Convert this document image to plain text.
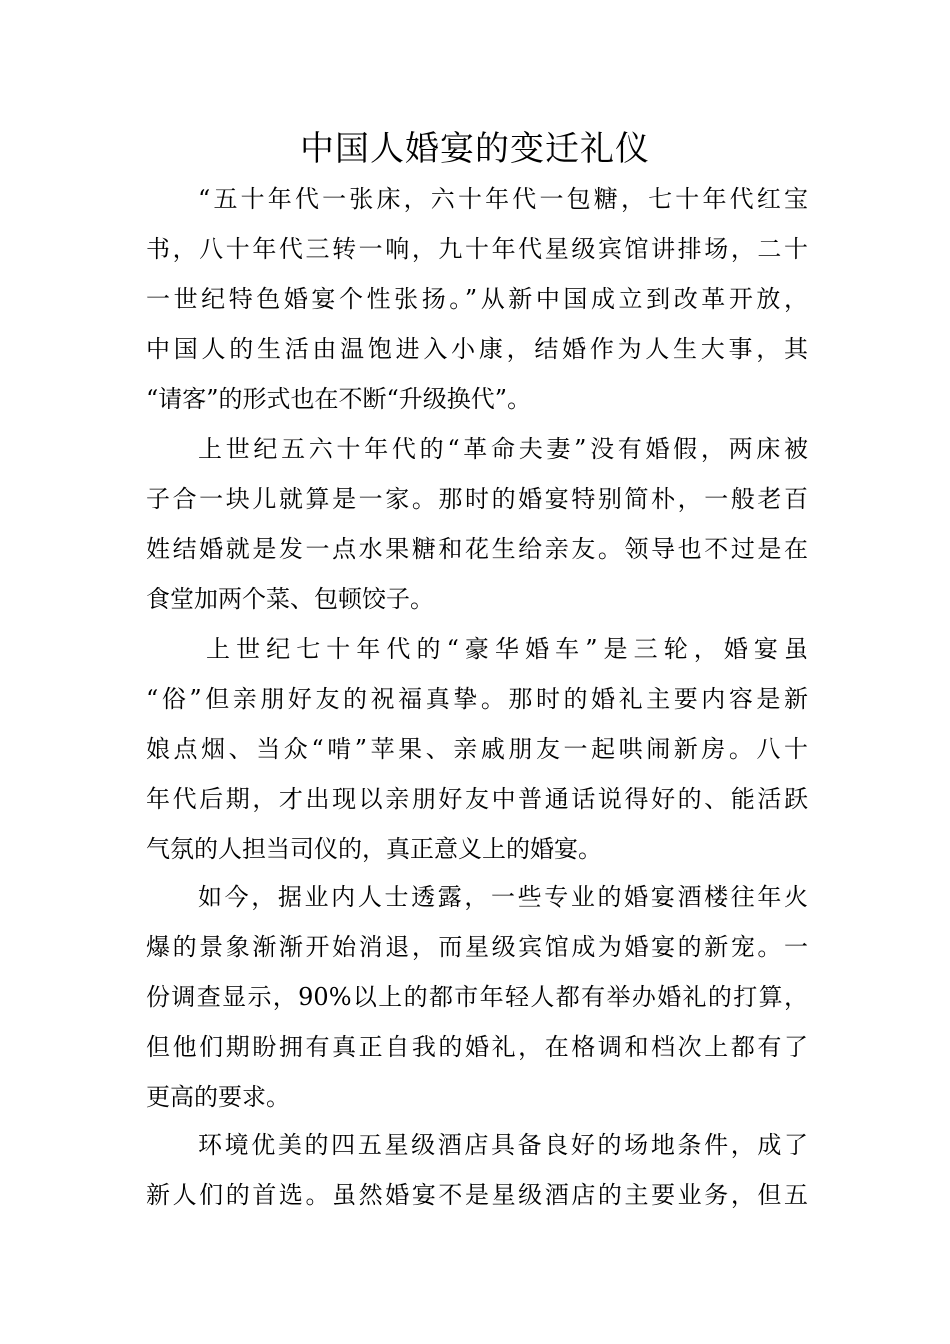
中国人婚宴的变迁礼仪
“五十年代一张床，六十年代一包糖，七十年代红宝
书，八十年代三转一响，九十年代星级宾馆讲排场，二十
一世纪特色婚宴个性张扬。”从新中国成立到改革开放，
中国人的生活由温饱进入小康，结婚作为人生大事，其
“请客”的形式也在不断“升级换代”。
上世纪五六十年代的“革命夫妻”没有婚假，两床被
子合一块儿就算是一家。那时的婚宴特别简朴，一般老百
姓结婚就是发一点水果糖和花生给亲友。领导也不过是在
食堂加两个菜、包顿饺子。
上世纪七十年代的“豪华婚车”是三轮，婚宴虽
“俗”但亲朋好友的祝福真挚。那时的婚礼主要内容是新
娘点烟、当众“啃”苹果、亲戚朋友一起哄闹新房。八十
年代后期，才出现以亲朋好友中普通话说得好的、能活跃
气氛的人担当司仪的，真正意义上的婚宴。
如今，据业内人士透露，一些专业的婚宴酒楼往年火
爆的景象渐渐开始消退，而星级宾馆成为婚宴的新宠。一
份调查显示，90%以上的都市年轻人都有举办婚礼的打算，
但他们期盼拥有真正自我的婚礼，在格调和档次上都有了
更高的要求。
环境优美的四五星级酒店具备良好的场地条件，成了
新人们的首选。虽然婚宴不是星级酒店的主要业务，但五
